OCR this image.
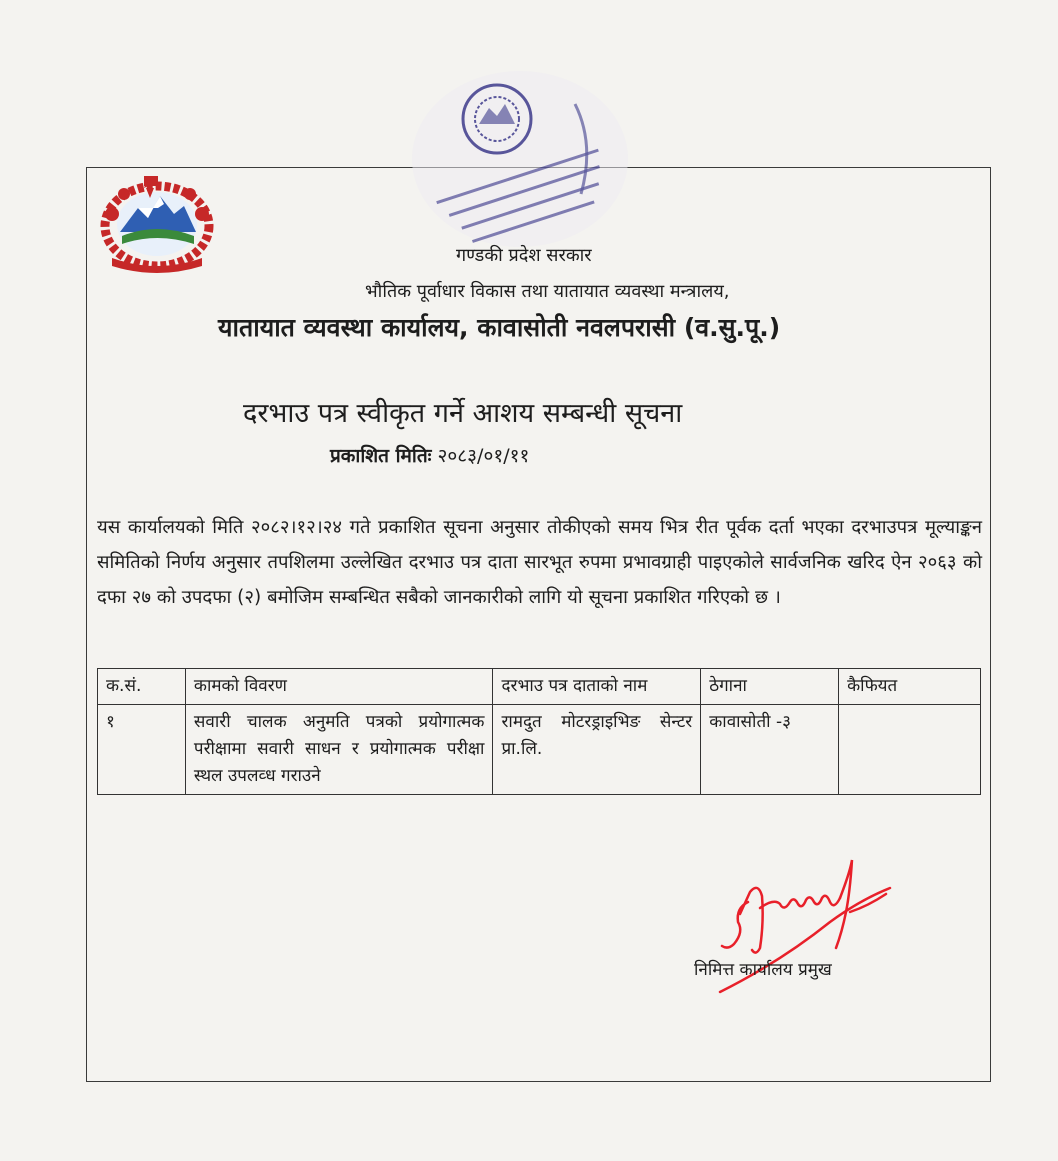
गण्डकी प्रदेश सरकार
भौतिक पूर्वाधार विकास तथा यातायात व्यवस्था मन्त्रालय,
यातायात व्यवस्था कार्यालय, कावासोती नवलपरासी (व.सु.पू.)
दरभाउ पत्र स्वीकृत गर्ने आशय सम्बन्धी सूचना
प्रकाशित मितिः २०८३/०१/११
यस कार्यालयको मिति २०८२।१२।२४ गते प्रकाशित सूचना अनुसार तोकीएको समय भित्र रीत पूर्वक दर्ता भएका दरभाउपत्र मूल्याङ्कन समितिको निर्णय अनुसार तपशिलमा उल्लेखित दरभाउ पत्र दाता सारभूत रुपमा प्रभावग्राही पाइएकोले सार्वजनिक खरिद ऐन २०६३ को दफा २७ को उपदफा (२) बमोजिम सम्बन्धित सबैको जानकारीको लागि यो सूचना प्रकाशित गरिएको छ ।
क.सं.	कामको विवरण	दरभाउ पत्र दाताको नाम	ठेगाना	कैफियत
१	सवारी चालक अनुमति पत्रको प्रयोगात्मक परीक्षामा सवारी साधन र प्रयोगात्मक परीक्षा स्थल उपलव्ध गराउने	रामदुत मोटरड्राइभिङ सेन्टर प्रा.लि.	कावासोती -३	
निमित्त कार्यालय प्रमुख
